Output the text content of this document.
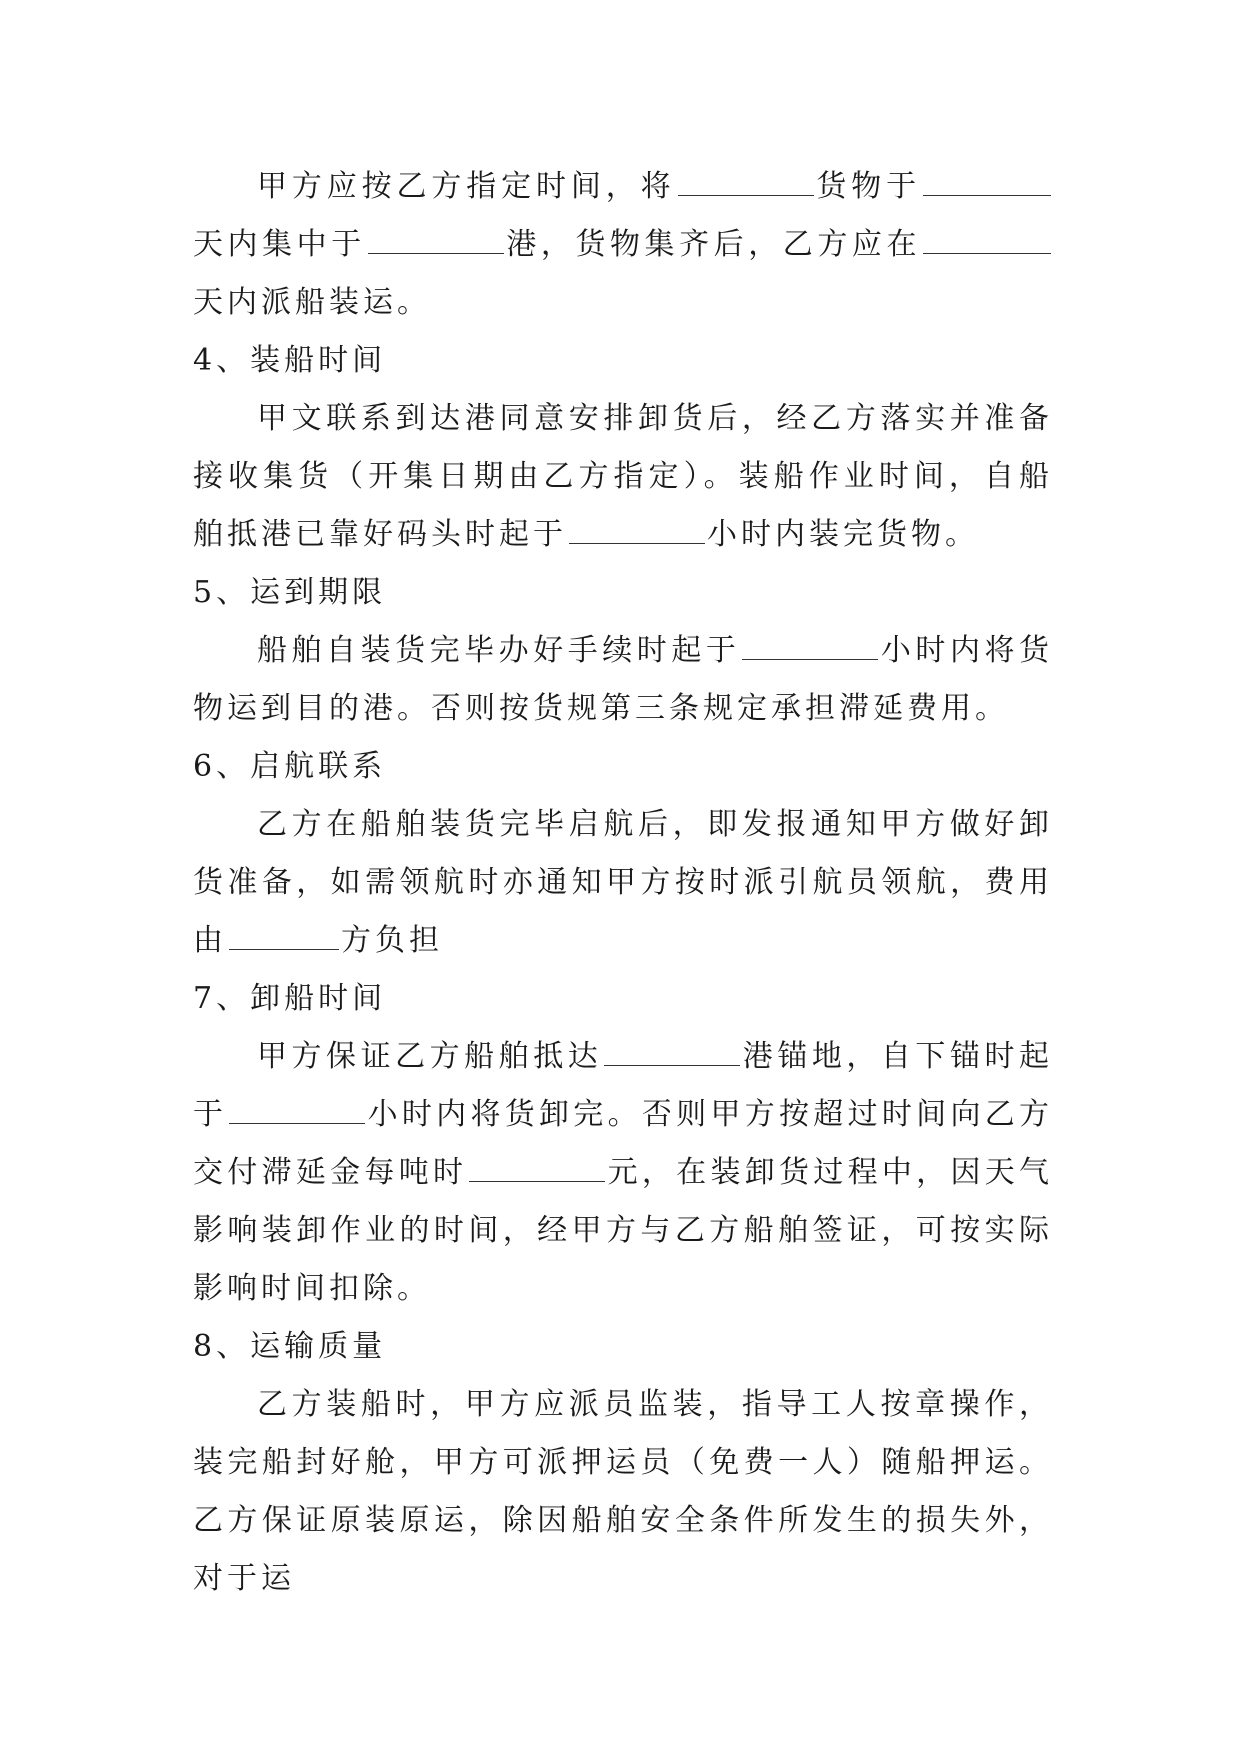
甲方应按乙方指定时间，将	货物于天内集中于	港，货物集齐后，乙方应在天内派船装运。

4、装船时间

甲文联系到达港同意安排卸货后，经乙方落实并准备接收集货（开集日期由乙方指定）。装船作业时间，自船舶抵港已靠好码头时起于	小时内装完货物。

5、运到期限

船舶自装货完毕办好手续时起于	小时内将货物运到目的港。否则按货规第三条规定承担滞延费用。

6、启航联系

乙方在船舶装货完毕启航后，即发报通知甲方做好卸货准备，如需领航时亦通知甲方按时派引航员领航，费用由	方负担

7、卸船时间

甲方保证乙方船舶抵达	港锚地，自下锚时起于	小时内将货卸完。否则甲方按超过时间向乙方交付滞延金每吨时	元，在装卸货过程中，因天气影响装卸作业的时间，经甲方与乙方船舶签证，可按实际影响时间扣除。

8、运输质量

乙方装船时，甲方应派员监装，指导工人按章操作，装完船封好舱，甲方可派押运员（免费一人）随船押运。乙方保证原装原运，除因船舶安全条件所发生的损失外，对于运
